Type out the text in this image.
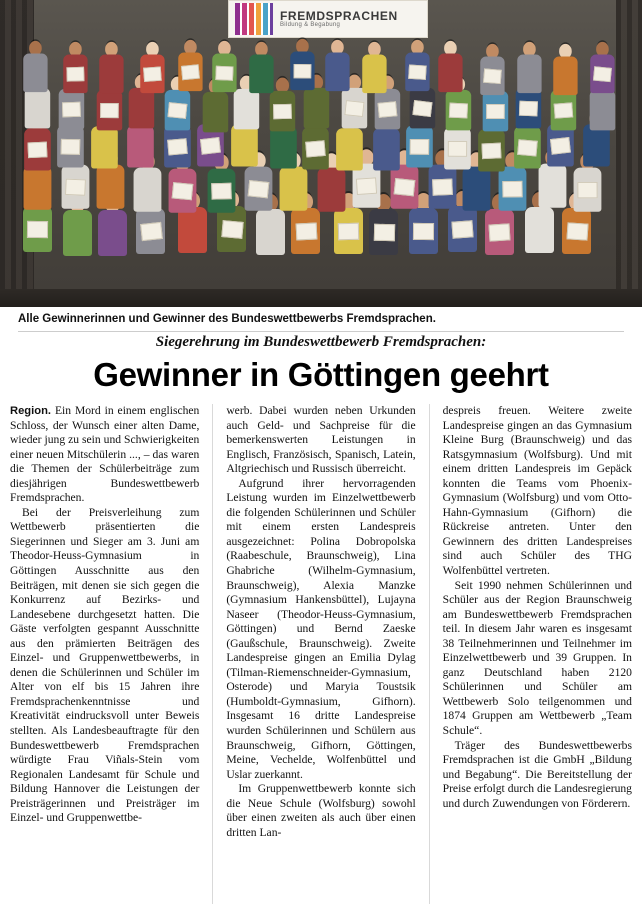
FREMDSPRACHEN
Bildung & Begabung
Alle Gewinnerinnen und Gewinner des Bundeswettbewerbs Fremdsprachen.
Siegerehrung im Bundeswettbewerb Fremdsprachen:
Gewinner in Göttingen geehrt

Region. Ein Mord in einem englischen Schloss, der Wunsch einer alten Dame, wieder jung zu sein und Schwierigkeiten einer neuen Mitschülerin ..., – das waren die Themen der Schülerbeiträge zum diesjährigen Bundeswettbewerb Fremdsprachen.

Bei der Preisverleihung zum Wettbewerb präsentierten die Siegerinnen und Sieger am 3. Juni am Theodor-Heuss-Gymnasium in Göttingen Ausschnitte aus den Beiträgen, mit denen sie sich gegen die Konkurrenz auf Bezirks- und Landesebene durchgesetzt hatten. Die Gäste verfolgten gespannt Ausschnitte aus den prämierten Beiträgen des Einzel- und Gruppenwettbewerbs, in denen die Schülerinnen und Schüler im Alter von elf bis 15 Jahren ihre Fremdsprachenkenntnisse und Kreativität eindrucksvoll unter Beweis stellten. Als Landesbeauftragte für den Bundeswettbewerb Fremdsprachen würdigte Frau Viñals-Stein vom Regionalen Landesamt für Schule und Bildung Hannover die Leistungen der Preisträgerinnen und Preisträger im Einzel- und Gruppenwettbe-

werb. Dabei wurden neben Urkunden auch Geld- und Sachpreise für die bemerkenswerten Leistungen in Englisch, Französisch, Spanisch, Latein, Altgriechisch und Russisch überreicht.

Aufgrund ihrer hervorragenden Leistung wurden im Einzelwettbewerb die folgenden Schülerinnen und Schüler mit einem ersten Landespreis ausgezeichnet: Polina Dobropolska (Raabeschule, Braunschweig), Lina Ghabriche (Wilhelm-Gymnasium, Braunschweig), Alexia Manzke (Gymnasium Hankensbüttel), Lujayna Naseer (Theodor-Heuss-Gymnasium, Göttingen) und Bernd Zaeske (Gaußschule, Braunschweig). Zweite Landespreise gingen an Emilia Dylag (Tilman-Riemenschneider-Gymnasium, Osterode) und Maryia Toustsik (Humboldt-Gymnasium, Gifhorn). Insgesamt 16 dritte Landespreise wurden Schülerinnen und Schülern aus Braunschweig, Gifhorn, Göttingen, Meine, Vechelde, Wolfenbüttel und Uslar zuerkannt.

Im Gruppenwettbewerb konnte sich die Neue Schule (Wolfsburg) sowohl über einen zweiten als auch über einen dritten Lan-

despreis freuen. Weitere zweite Landespreise gingen an das Gymnasium Kleine Burg (Braunschweig) und das Ratsgymnasium (Wolfsburg). Und mit einem dritten Landespreis im Gepäck konnten die Teams vom Phoenix-Gymnasium (Wolfsburg) und vom Otto-Hahn-Gymnasium (Gifhorn) die Rückreise antreten. Unter den Gewinnern des dritten Landespreises sind auch Schüler des THG Wolfenbüttel vertreten.

Seit 1990 nehmen Schülerinnen und Schüler aus der Region Braunschweig am Bundeswettbewerb Fremdsprachen teil. In diesem Jahr waren es insgesamt 38 Teilnehmerinnen und Teilnehmer im Einzelwettbewerb und 39 Gruppen. In ganz Deutschland haben 2120 Schülerinnen und Schüler am Wettbewerb Solo teilgenommen und 1874 Gruppen am Wettbewerb „Team Schule“.

Träger des Bundeswettbewerbs Fremdsprachen ist die GmbH „Bildung und Begabung“. Die Bereitstellung der Preise erfolgt durch die Landesregierung und durch Zuwendungen von Förderern.
